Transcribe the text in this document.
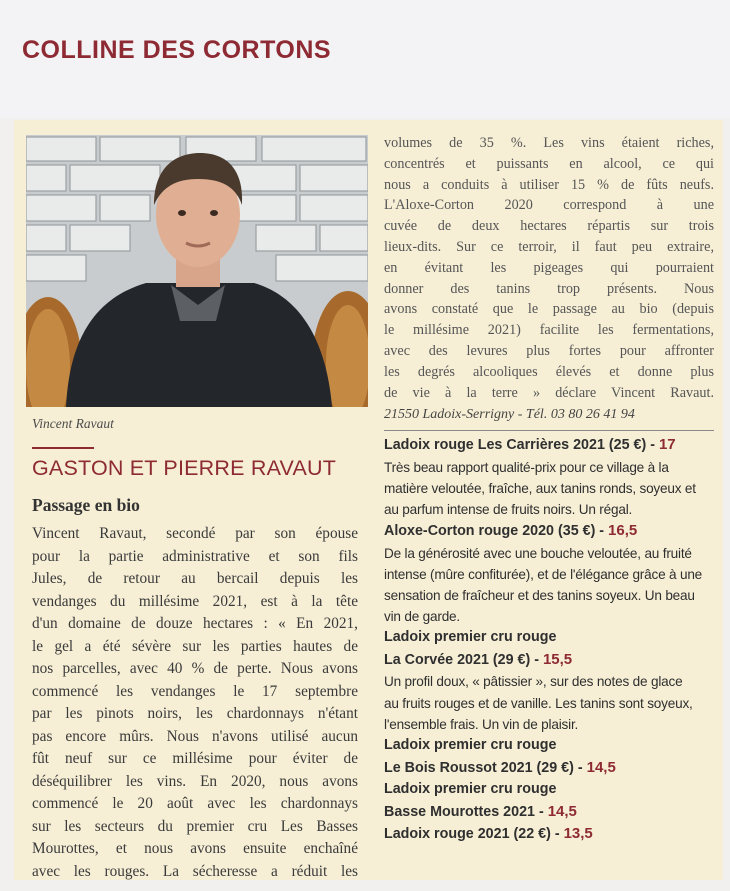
COLLINE DES CORTONS
Vincent Ravaut
GASTON ET PIERRE RAVAUT
Passage en bio
Vincent Ravaut, secondé par son épouse
pour la partie administrative et son fils
Jules, de retour au bercail depuis les
vendanges du millésime 2021, est à la tête
d'un domaine de douze hectares : « En 2021,
le gel a été sévère sur les parties hautes de
nos parcelles, avec 40 % de perte. Nous avons
commencé les vendanges le 17 septembre
par les pinots noirs, les chardonnays n'étant
pas encore mûrs. Nous n'avons utilisé aucun
fût neuf sur ce millésime pour éviter de
déséquilibrer les vins. En 2020, nous avons
commencé le 20 août avec les chardonnays
sur les secteurs du premier cru Les Basses
Mourottes, et nous avons ensuite enchaîné
avec les rouges. La sécheresse a réduit les
volumes de 35 %. Les vins étaient riches,
concentrés et puissants en alcool, ce qui
nous a conduits à utiliser 15 % de fûts neufs.
L'Aloxe-Corton 2020 correspond à une
cuvée de deux hectares répartis sur trois
lieux-dits. Sur ce terroir, il faut peu extraire,
en évitant les pigeages qui pourraient
donner des tanins trop présents. Nous
avons constaté que le passage au bio (depuis
le millésime 2021) facilite les fermentations,
avec des levures plus fortes pour affronter
les degrés alcooliques élevés et donne plus
de vie à la terre » déclare Vincent Ravaut.
21550 Ladoix-Serrigny - Tél. 03 80 26 41 94
Ladoix rouge Les Carrières 2021 (25 €) - 17
Très beau rapport qualité-prix pour ce village à la
matière veloutée, fraîche, aux tanins ronds, soyeux et
au parfum intense de fruits noirs. Un régal.
Aloxe-Corton rouge 2020 (35 €) - 16,5
De la générosité avec une bouche veloutée, au fruité
intense (mûre confiturée), et de l'élégance grâce à une
sensation de fraîcheur et des tanins soyeux. Un beau
vin de garde.
Ladoix premier cru rouge
La Corvée 2021 (29 €) - 15,5
Un profil doux, « pâtissier », sur des notes de glace
au fruits rouges et de vanille. Les tanins sont soyeux,
l'ensemble frais. Un vin de plaisir.
Ladoix premier cru rouge
Le Bois Roussot 2021 (29 €) - 14,5
Ladoix premier cru rouge
Basse Mourottes 2021 - 14,5
Ladoix rouge 2021 (22 €) - 13,5
